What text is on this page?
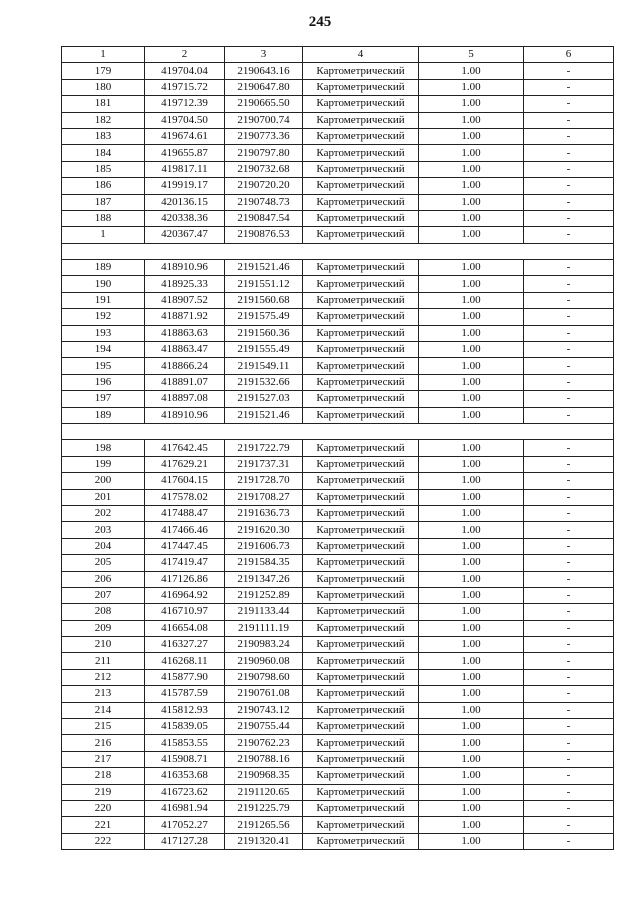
245
1	2	3	4	5	6
179	419704.04	2190643.16	Картометрический	1.00	-
180	419715.72	2190647.80	Картометрический	1.00	-
181	419712.39	2190665.50	Картометрический	1.00	-
182	419704.50	2190700.74	Картометрический	1.00	-
183	419674.61	2190773.36	Картометрический	1.00	-
184	419655.87	2190797.80	Картометрический	1.00	-
185	419817.11	2190732.68	Картометрический	1.00	-
186	419919.17	2190720.20	Картометрический	1.00	-
187	420136.15	2190748.73	Картометрический	1.00	-
188	420338.36	2190847.54	Картометрический	1.00	-
1	420367.47	2190876.53	Картометрический	1.00	-

189	418910.96	2191521.46	Картометрический	1.00	-
190	418925.33	2191551.12	Картометрический	1.00	-
191	418907.52	2191560.68	Картометрический	1.00	-
192	418871.92	2191575.49	Картометрический	1.00	-
193	418863.63	2191560.36	Картометрический	1.00	-
194	418863.47	2191555.49	Картометрический	1.00	-
195	418866.24	2191549.11	Картометрический	1.00	-
196	418891.07	2191532.66	Картометрический	1.00	-
197	418897.08	2191527.03	Картометрический	1.00	-
189	418910.96	2191521.46	Картометрический	1.00	-

198	417642.45	2191722.79	Картометрический	1.00	-
199	417629.21	2191737.31	Картометрический	1.00	-
200	417604.15	2191728.70	Картометрический	1.00	-
201	417578.02	2191708.27	Картометрический	1.00	-
202	417488.47	2191636.73	Картометрический	1.00	-
203	417466.46	2191620.30	Картометрический	1.00	-
204	417447.45	2191606.73	Картометрический	1.00	-
205	417419.47	2191584.35	Картометрический	1.00	-
206	417126.86	2191347.26	Картометрический	1.00	-
207	416964.92	2191252.89	Картометрический	1.00	-
208	416710.97	2191133.44	Картометрический	1.00	-
209	416654.08	2191111.19	Картометрический	1.00	-
210	416327.27	2190983.24	Картометрический	1.00	-
211	416268.11	2190960.08	Картометрический	1.00	-
212	415877.90	2190798.60	Картометрический	1.00	-
213	415787.59	2190761.08	Картометрический	1.00	-
214	415812.93	2190743.12	Картометрический	1.00	-
215	415839.05	2190755.44	Картометрический	1.00	-
216	415853.55	2190762.23	Картометрический	1.00	-
217	415908.71	2190788.16	Картометрический	1.00	-
218	416353.68	2190968.35	Картометрический	1.00	-
219	416723.62	2191120.65	Картометрический	1.00	-
220	416981.94	2191225.79	Картометрический	1.00	-
221	417052.27	2191265.56	Картометрический	1.00	-
222	417127.28	2191320.41	Картометрический	1.00	-
